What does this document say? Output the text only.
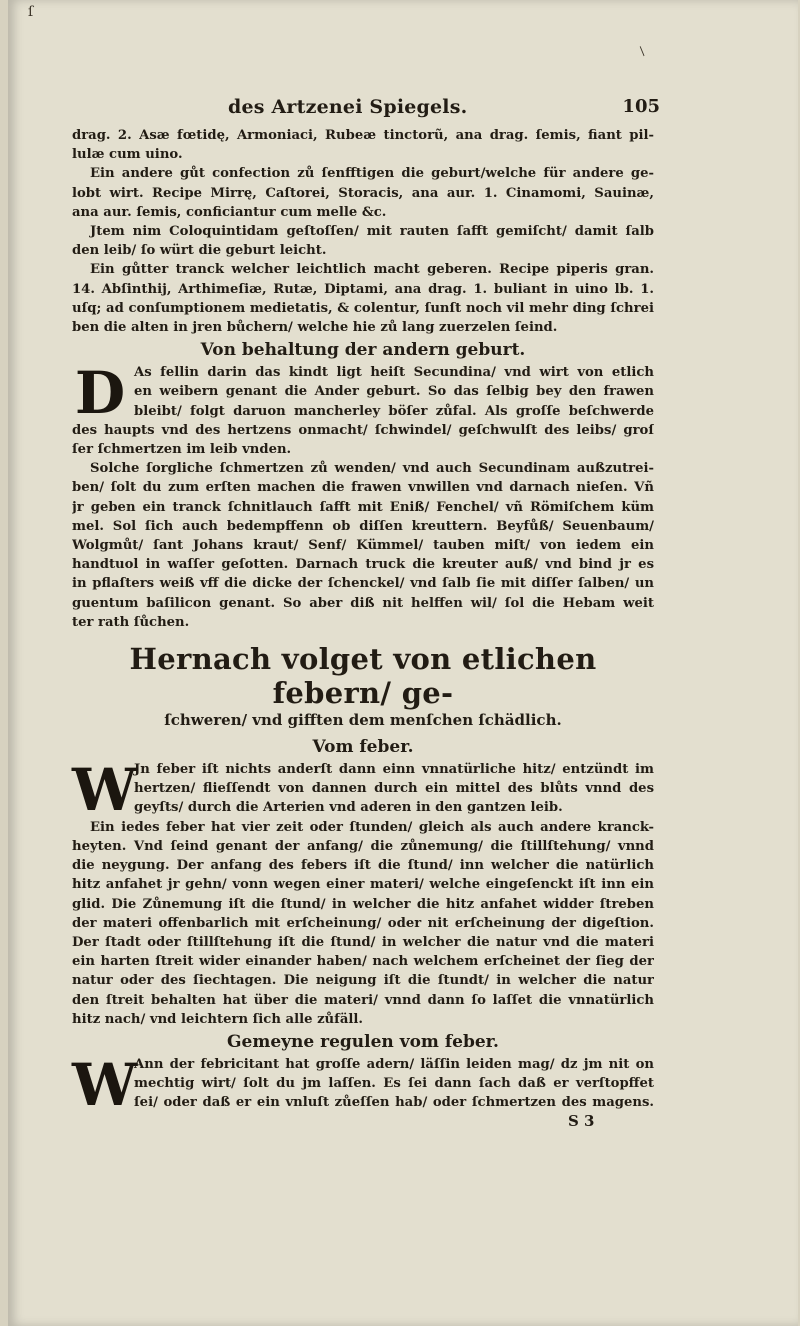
ſ
/
des Artzenei Spiegels.	105
drag. 2. Asæ fœtidę, Armoniaci, Rubeæ tinctorũ, ana drag. ſemis, fiant pil-
lulæ cum uino.
Ein andere gůt confection zů ſenfftigen die geburt/welche für andere ge-
lobt wirt. Recipe Mirrę, Caſtorei, Storacis, ana aur. 1. Cinamomi, Sauinæ,
ana aur. ſemis, conficiantur cum melle &c.
Jtem nim Coloquintidam geſtoſſen/ mit rauten ſafft gemiſcht/ damit ſalb
den leib/ ſo würt die geburt leicht.
Ein gůtter tranck welcher leichtlich macht geberen. Recipe piperis gran.
14. Abſinthij, Arthimeſiæ, Rutæ, Diptami, ana drag. 1. buliant in uino lb. 1.
uſq; ad conſumptionem medietatis, & colentur, ſunſt noch vil mehr ding ſchrei
ben die alten in jren bůchern/ welche hie zů lang zuerzelen ſeind.
Von behaltung der andern geburt.
D As fellin darin das kindt ligt heiſt Secundina/ vnd wirt von etlich
en weibern genant die Ander geburt. So das ſelbig bey den frawen
bleibt/ folgt daruon mancherley böſer zůfal. Als groſſe beſchwerde
des haupts vnd des hertzens onmacht/ ſchwindel/ geſchwulſt des leibs/ groſ
ſer ſchmertzen im leib vnden.
Solche ſorgliche ſchmertzen zů wenden/ vnd auch Secundinam außzutrei-
ben/ ſolt du zum erſten machen die frawen vnwillen vnd darnach nieſen. Vñ
jr geben ein tranck ſchnitlauch ſafft mit Eniß/ Fenchel/ vñ Römiſchem küm
mel. Sol ſich auch bedempffenn ob diſſen kreuttern. Beyfůß/ Seuenbaum/
Wolgmůt/ ſant Johans kraut/ Senf/ Kümmel/ tauben miſt/ von iedem ein
handtuol in waſſer geſotten. Darnach truck die kreuter auß/ vnd bind jr es
in pflaſters weiß vff die dicke der ſchenckel/ vnd ſalb ſie mit diſſer ſalben/ un
guentum baſilicon genant. So aber diß nit helffen wil/ ſol die Hebam weit
ter rath ſůchen.
Hernach volget von etlichen febern/ ge-
ſchweren/ vnd gifften dem menſchen ſchädlich.
Vom feber.
W
Jn feber iſt nichts anderſt dann einn vnnatürliche hitz/ entzündt im
hertzen/ flieſſendt von dannen durch ein mittel des blůts vnnd des
geyſts/ durch die Arterien vnd aderen in den gantzen leib.
Ein iedes feber hat vier zeit oder ſtunden/ gleich als auch andere kranck-
heyten. Vnd ſeind genant der anfang/ die zůnemung/ die ſtillſtehung/ vnnd
die neygung. Der anfang des febers iſt die ſtund/ inn welcher die natürlich
hitz anfahet jr gehn/ vonn wegen einer materi/ welche eingeſenckt iſt inn ein
glid. Die Zůnemung iſt die ſtund/ in welcher die hitz anfahet widder ſtreben
der materi offenbarlich mit erſcheinung/ oder nit erſcheinung der digeſtion.
Der ſtadt oder ſtillſtehung iſt die ſtund/ in welcher die natur vnd die materi
ein harten ſtreit wider einander haben/ nach welchem erſcheinet der ſieg der
natur oder des ſiechtagen. Die neigung iſt die ſtundt/ in welcher die natur
den ſtreit behalten hat über die materi/ vnnd dann ſo laſſet die vnnatürlich
hitz nach/ vnd leichtern ſich alle zůfäll.
Gemeyne regulen vom feber.
W
Ann der febricitant hat groſſe adern/ läſſin leiden mag/ dz jm nit on
mechtig wirt/ ſolt du jm laſſen. Es ſei dann ſach daß er verſtopffet
ſei/ oder daß er ein vnluſt zůeſſen hab/ oder ſchmertzen des magens.
S 3
